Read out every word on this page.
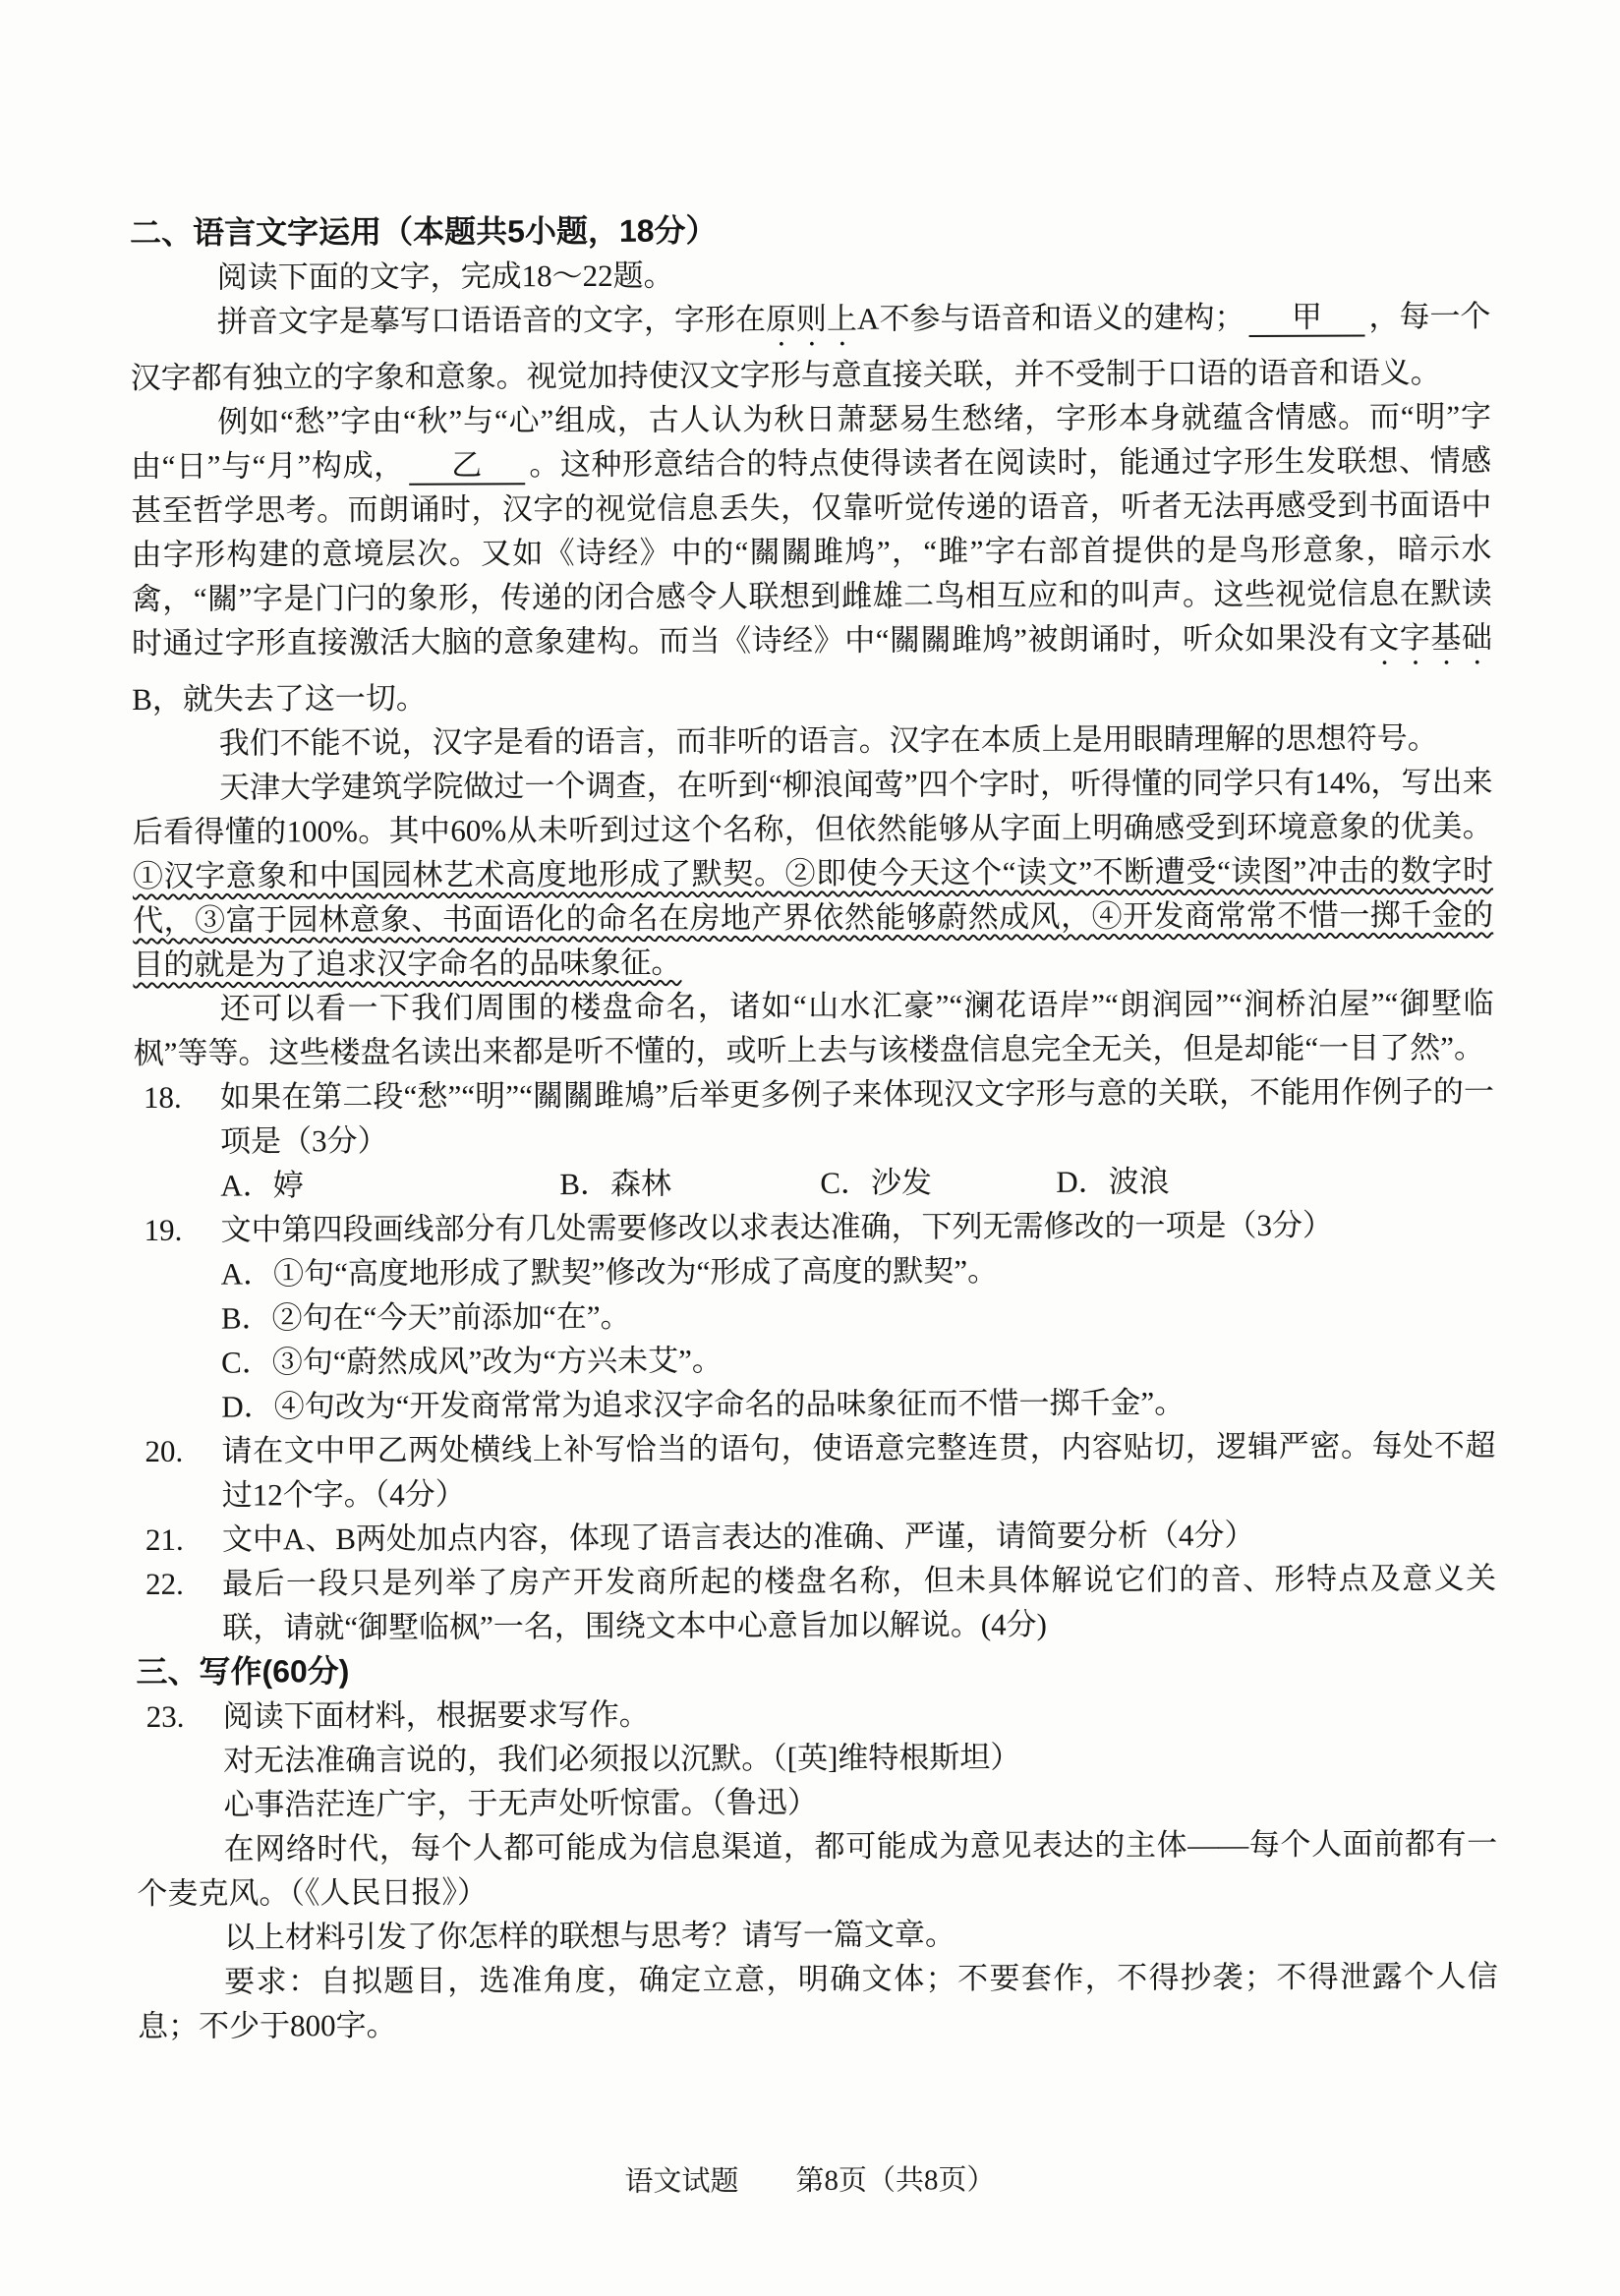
二、语言文字运用（本题共5小题，18分）

阅读下面的文字，完成18～22题。

拼音文字是摹写口语语音的文字，字形在原则上A不参与语音和语义的建构； 甲 ，每一个汉字都有独立的字象和意象。视觉加持使汉文字形与意直接关联，并不受制于口语的语音和语义。

例如“愁”字由“秋”与“心”组成，古人认为秋日萧瑟易生愁绪，字形本身就蕴含情感。而“明”字由“日”与“月”构成， 乙 。这种形意结合的特点使得读者在阅读时，能通过字形生发联想、情感甚至哲学思考。而朗诵时，汉字的视觉信息丢失，仅靠听觉传递的语音，听者无法再感受到书面语中由字形构建的意境层次。又如《诗经》中的“關關雎鸠”，“雎”字右部首提供的是鸟形意象，暗示水禽，“關”字是门闩的象形，传递的闭合感令人联想到雌雄二鸟相互应和的叫声。这些视觉信息在默读时通过字形直接激活大脑的意象建构。而当《诗经》中“關關雎鸠”被朗诵时，听众如果没有文字基础B，就失去了这一切。

我们不能不说，汉字是看的语言，而非听的语言。汉字在本质上是用眼睛理解的思想符号。

天津大学建筑学院做过一个调查，在听到“柳浪闻莺”四个字时，听得懂的同学只有14%，写出来后看得懂的100%。其中60%从未听到过这个名称，但依然能够从字面上明确感受到环境意象的优美。①汉字意象和中国园林艺术高度地形成了默契。②即使今天这个“读文”不断遭受“读图”冲击的数字时代，③富于园林意象、书面语化的命名在房地产界依然能够蔚然成风，④开发商常常不惜一掷千金的目的就是为了追求汉字命名的品味象征。

还可以看一下我们周围的楼盘命名，诸如“山水汇豪”“澜花语岸”“朗润园”“涧桥泊屋”“御墅临枫”等等。这些楼盘名读出来都是听不懂的，或听上去与该楼盘信息完全无关，但是却能“一目了然”。

18. 如果在第二段“愁”“明”“關關雎鳩”后举更多例子来体现汉文字形与意的关联，不能用作例子的一项是（3分）
A．婷	B．森林	C．沙发	D．波浪
19. 文中第四段画线部分有几处需要修改以求表达准确，下列无需修改的一项是（3分）
A．①句“高度地形成了默契”修改为“形成了高度的默契”。
B．②句在“今天”前添加“在”。
C．③句“蔚然成风”改为“方兴未艾”。
D．④句改为“开发商常常为追求汉字命名的品味象征而不惜一掷千金”。
20. 请在文中甲乙两处横线上补写恰当的语句，使语意完整连贯，内容贴切，逻辑严密。每处不超过12个字。（4分）
21. 文中A、B两处加点内容，体现了语言表达的准确、严谨，请简要分析（4分）
22. 最后一段只是列举了房产开发商所起的楼盘名称，但未具体解说它们的音、形特点及意义关联，请就“御墅临枫”一名，围绕文本中心意旨加以解说。(4分)
三、写作(60分)
23. 阅读下面材料，根据要求写作。

对无法准确言说的，我们必须报以沉默。（[英]维特根斯坦）

心事浩茫连广宇，于无声处听惊雷。（鲁迅）

在网络时代，每个人都可能成为信息渠道，都可能成为意见表达的主体——每个人面前都有一个麦克风。（《人民日报》）

以上材料引发了你怎样的联想与思考？请写一篇文章。

要求：自拟题目，选准角度，确定立意，明确文体；不要套作，不得抄袭；不得泄露个人信息；不少于800字。

语文试题　　第8页（共8页）
